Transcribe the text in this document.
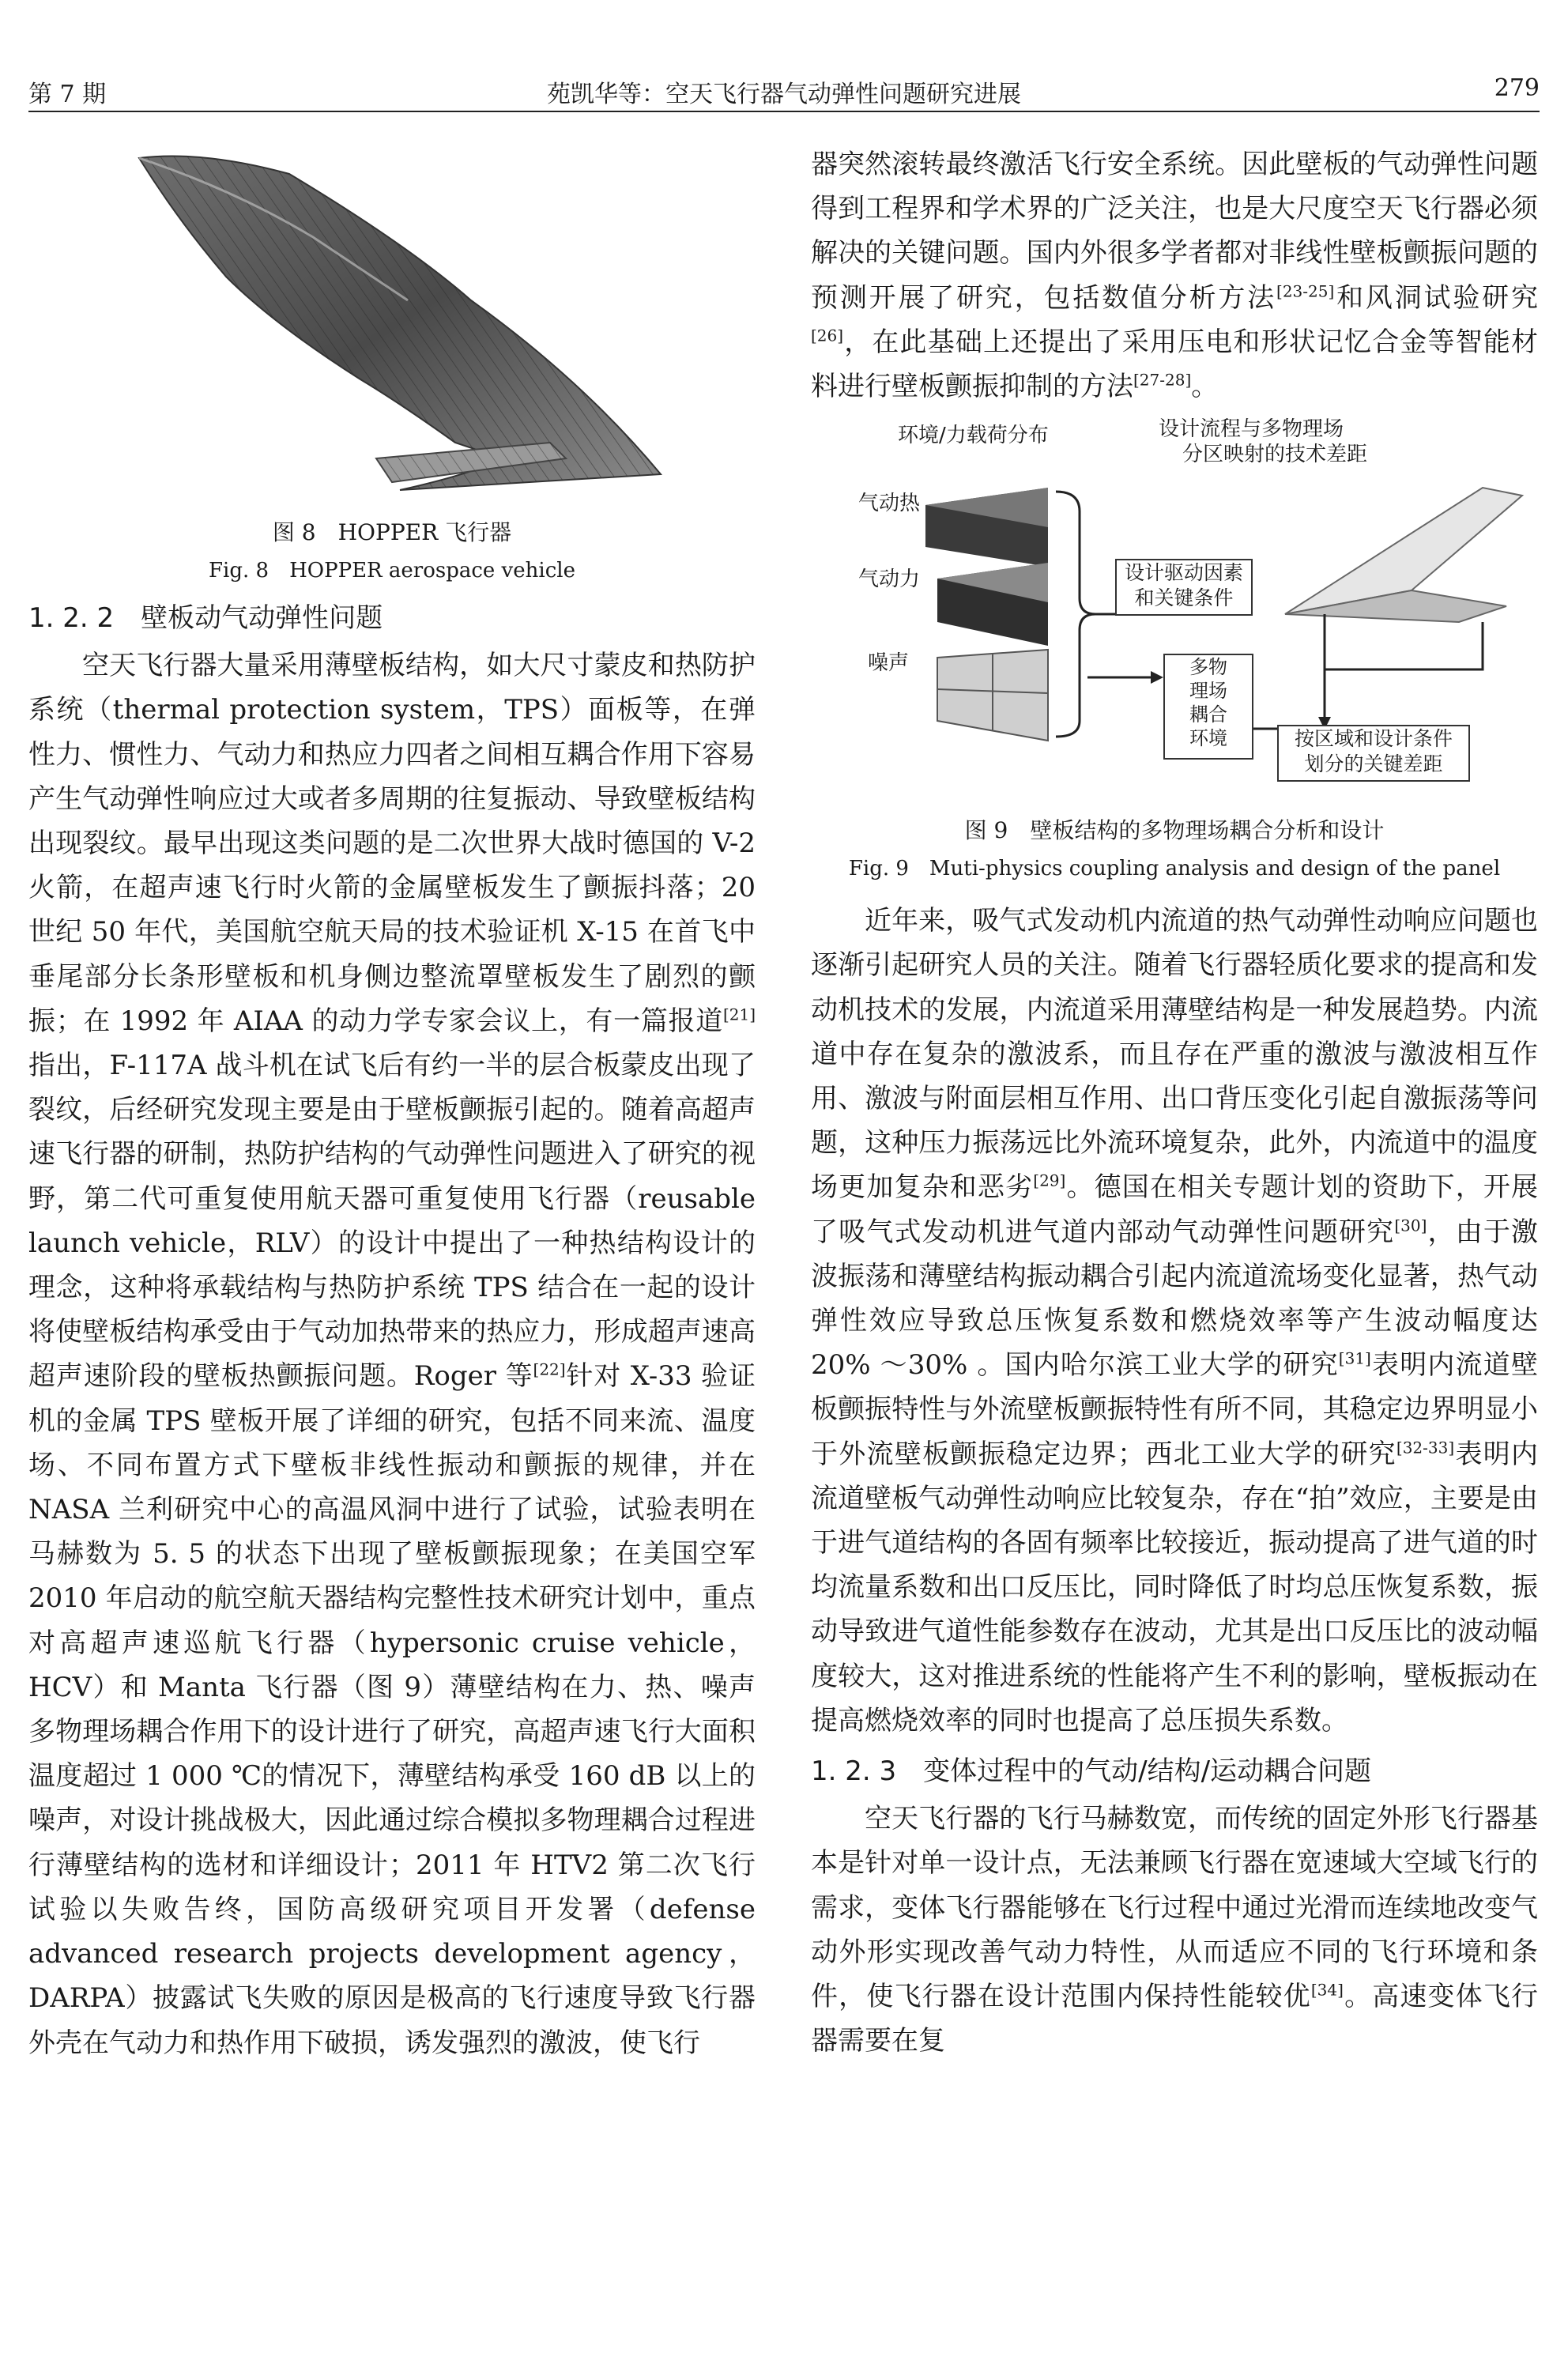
第 7 期	苑凯华等：空天飞行器气动弹性问题研究进展	279

图 8　HOPPER 飞行器

Fig. 8　HOPPER aerospace vehicle

1. 2. 2　壁板动气动弹性问题

空天飞行器大量采用薄壁板结构，如大尺寸蒙皮和热防护系统（thermal protection system，TPS）面板等，在弹性力、惯性力、气动力和热应力四者之间相互耦合作用下容易产生气动弹性响应过大或者多周期的往复振动、导致壁板结构出现裂纹。最早出现这类问题的是二次世界大战时德国的 V-2 火箭，在超声速飞行时火箭的金属壁板发生了颤振抖落；20 世纪 50 年代，美国航空航天局的技术验证机 X-15 在首飞中垂尾部分长条形壁板和机身侧边整流罩壁板发生了剧烈的颤振；在 1992 年 AIAA 的动力学专家会议上，有一篇报道[21]指出，F-117A 战斗机在试飞后有约一半的层合板蒙皮出现了裂纹，后经研究发现主要是由于壁板颤振引起的。随着高超声速飞行器的研制，热防护结构的气动弹性问题进入了研究的视野，第二代可重复使用航天器可重复使用飞行器（reusable launch vehicle，RLV）的设计中提出了一种热结构设计的理念，这种将承载结构与热防护系统 TPS 结合在一起的设计将使壁板结构承受由于气动加热带来的热应力，形成超声速高超声速阶段的壁板热颤振问题。Roger 等[22]针对 X-33 验证机的金属 TPS 壁板开展了详细的研究，包括不同来流、温度场、不同布置方式下壁板非线性振动和颤振的规律，并在 NASA 兰利研究中心的高温风洞中进行了试验，试验表明在马赫数为 5. 5 的状态下出现了壁板颤振现象；在美国空军 2010 年启动的航空航天器结构完整性技术研究计划中，重点对高超声速巡航飞行器（hypersonic cruise vehicle，HCV）和 Manta 飞行器（图 9）薄壁结构在力、热、噪声多物理场耦合作用下的设计进行了研究，高超声速飞行大面积温度超过 1 000 ℃的情况下，薄壁结构承受 160 dB 以上的噪声，对设计挑战极大，因此通过综合模拟多物理耦合过程进行薄壁结构的选材和详细设计；2011 年 HTV2 第二次飞行试验以失败告终，国防高级研究项目开发署（defense advanced research projects development agency，DARPA）披露试飞失败的原因是极高的飞行速度导致飞行器外壳在气动力和热作用下破损，诱发强烈的激波，使飞行

器突然滚转最终激活飞行安全系统。因此壁板的气动弹性问题得到工程界和学术界的广泛关注，也是大尺度空天飞行器必须解决的关键问题。国内外很多学者都对非线性壁板颤振问题的预测开展了研究，包括数值分析方法[23-25]和风洞试验研究[26]，在此基础上还提出了采用压电和形状记忆合金等智能材料进行壁板颤振抑制的方法[27-28]。

环境/力载荷分布	设计流程与多物理场
分区映射的技术差距
气动热
气动力
噪声
设计驱动因素
和关键条件
多物
理场
耦合
环境	按区域和设计条件
划分的关键差距

图 9　壁板结构的多物理场耦合分析和设计

Fig. 9　Muti-physics coupling analysis and design of the panel

近年来，吸气式发动机内流道的热气动弹性动响应问题也逐渐引起研究人员的关注。随着飞行器轻质化要求的提高和发动机技术的发展，内流道采用薄壁结构是一种发展趋势。内流道中存在复杂的激波系，而且存在严重的激波与激波相互作用、激波与附面层相互作用、出口背压变化引起自激振荡等问题，这种压力振荡远比外流环境复杂，此外，内流道中的温度场更加复杂和恶劣[29]。德国在相关专题计划的资助下，开展了吸气式发动机进气道内部动气动弹性问题研究[30]，由于激波振荡和薄壁结构振动耦合引起内流道流场变化显著，热气动弹性效应导致总压恢复系数和燃烧效率等产生波动幅度达 20% ～30% 。国内哈尔滨工业大学的研究[31]表明内流道壁板颤振特性与外流壁板颤振特性有所不同，其稳定边界明显小于外流壁板颤振稳定边界；西北工业大学的研究[32-33]表明内流道壁板气动弹性动响应比较复杂，存在“拍”效应，主要是由于进气道结构的各固有频率比较接近，振动提高了进气道的时均流量系数和出口反压比，同时降低了时均总压恢复系数，振动导致进气道性能参数存在波动，尤其是出口反压比的波动幅度较大，这对推进系统的性能将产生不利的影响，壁板振动在提高燃烧效率的同时也提高了总压损失系数。

1. 2. 3　变体过程中的气动/结构/运动耦合问题

空天飞行器的飞行马赫数宽，而传统的固定外形飞行器基本是针对单一设计点，无法兼顾飞行器在宽速域大空域飞行的需求，变体飞行器能够在飞行过程中通过光滑而连续地改变气动外形实现改善气动力特性，从而适应不同的飞行环境和条件，使飞行器在设计范围内保持性能较优[34]。高速变体飞行器需要在复
